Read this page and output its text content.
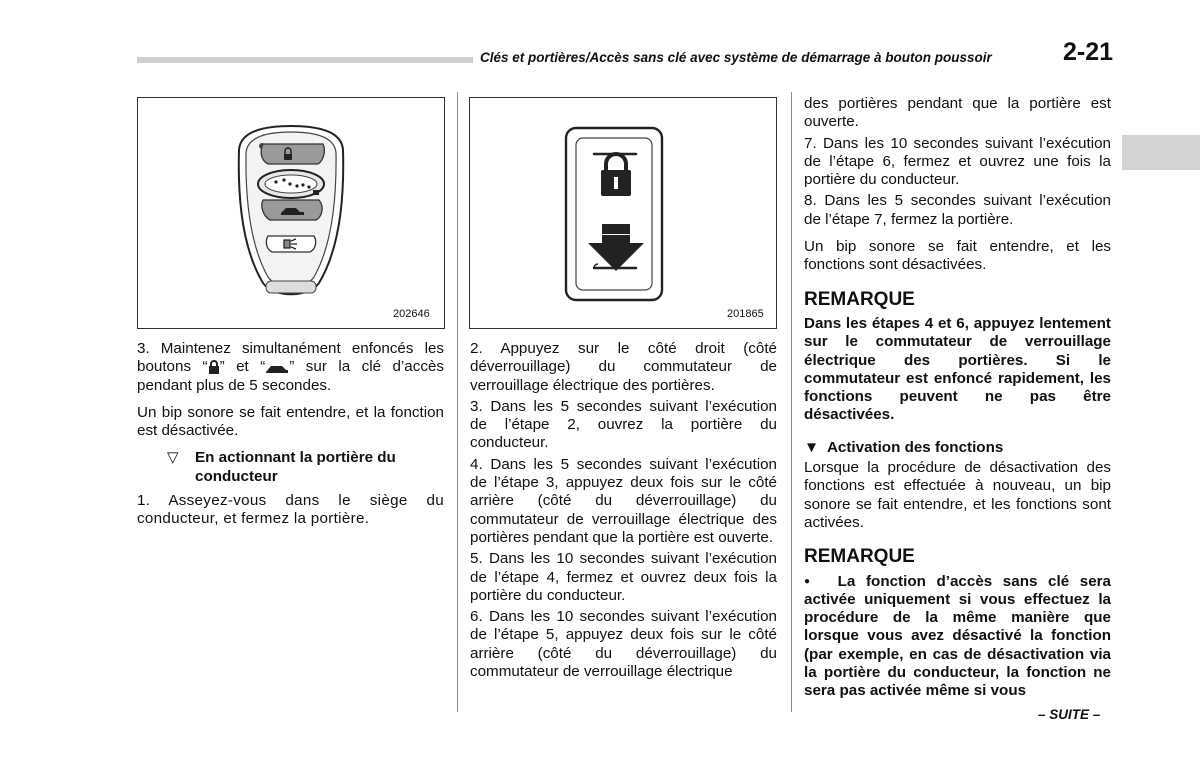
Clés et portières/Accès sans clé avec système de démarrage à bouton poussoir	2-21
202646	201865

3. Maintenez simultanément enfoncés les boutons “ ” et “ ” sur la clé d’accès pendant plus de 5 secondes.

Un bip sonore se fait entendre, et la fonction est désactivée.

▽	En actionnant la portière du conducteur

1. Asseyez-vous dans le siège du conducteur, et fermez la portière.

2. Appuyez sur le côté droit (côté déverrouillage) du commutateur de verrouillage électrique des portières.

3. Dans les 5 secondes suivant l’exécution de l’étape 2, ouvrez la portière du conducteur.

4. Dans les 5 secondes suivant l’exécution de l’étape 3, appuyez deux fois sur le côté arrière (côté du déverrouillage) du commutateur de verrouillage électrique des portières pendant que la portière est ouverte.

5. Dans les 10 secondes suivant l’exécution de l’étape 4, fermez et ouvrez deux fois la portière du conducteur.

6. Dans les 10 secondes suivant l’exécution de l’étape 5, appuyez deux fois sur le côté arrière (côté du déverrouillage) du commutateur de verrouillage électrique

des portières pendant que la portière est ouverte.

7. Dans les 10 secondes suivant l’exécution de l’étape 6, fermez et ouvrez une fois la portière du conducteur.

8. Dans les 5 secondes suivant l’exécution de l’étape 7, fermez la portière.

Un bip sonore se fait entendre, et les fonctions sont désactivées.

REMARQUE
Dans les étapes 4 et 6, appuyez lentement sur le commutateur de verrouillage électrique des portières. Si le commutateur est enfoncé rapidement, les fonctions peuvent ne pas être désactivées.
▼ Activation des fonctions

Lorsque la procédure de désactivation des fonctions est effectuée à nouveau, un bip sonore se fait entendre, et les fonctions sont activées.

REMARQUE
● La fonction d’accès sans clé sera activée uniquement si vous effectuez la procédure de la même manière que lorsque vous avez désactivé la fonction (par exemple, en cas de désactivation via la portière du conducteur, la fonction ne sera pas activée même si vous
– SUITE –
